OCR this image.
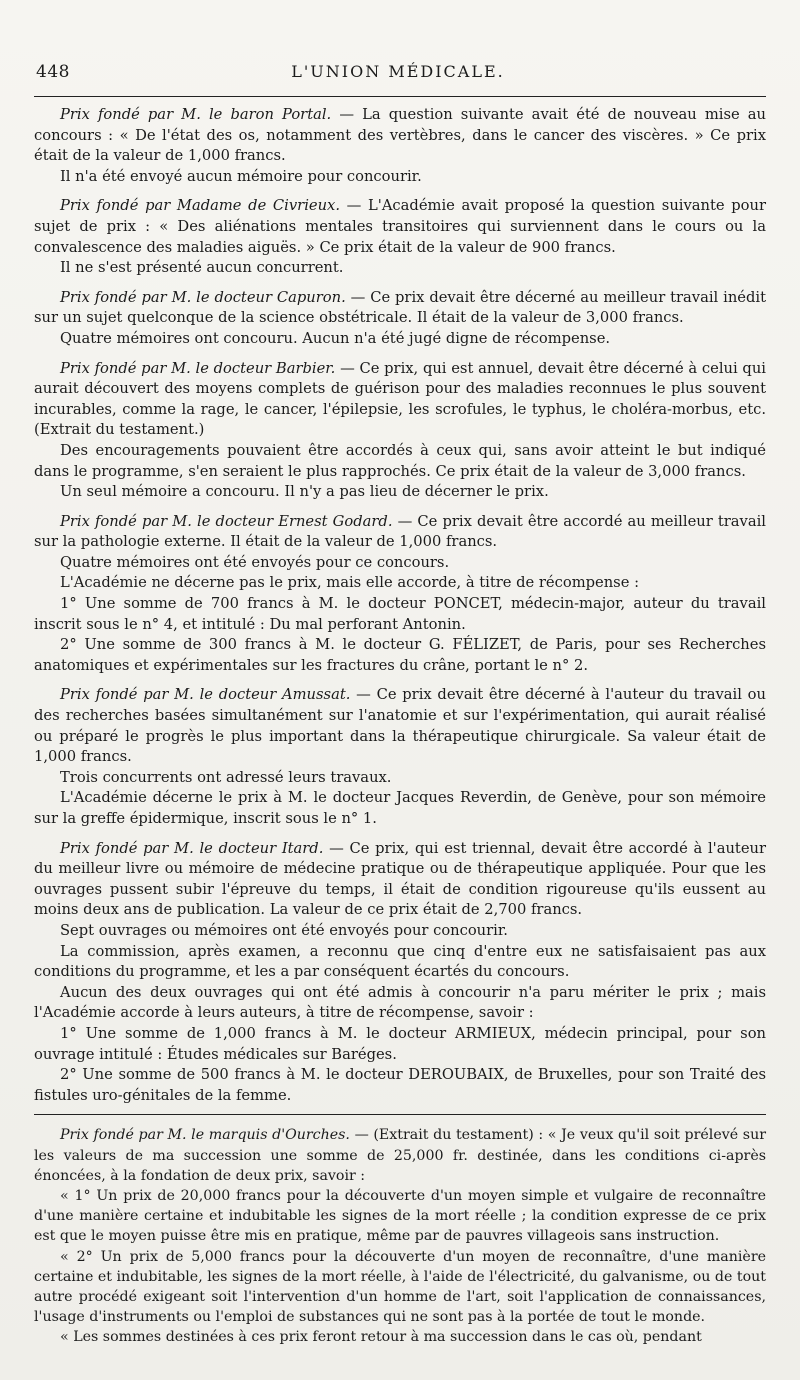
448	L'UNION MÉDICALE.

Prix fondé par M. le baron Portal. — La question suivante avait été de nouveau mise au concours : « De l'état des os, notamment des vertèbres, dans le cancer des viscères. » Ce prix était de la valeur de 1,000 francs.

Il n'a été envoyé aucun mémoire pour concourir.

Prix fondé par Madame de Civrieux. — L'Académie avait proposé la question suivante pour sujet de prix : « Des aliénations mentales transitoires qui surviennent dans le cours ou la convalescence des maladies aiguës. » Ce prix était de la valeur de 900 francs.

Il ne s'est présenté aucun concurrent.

Prix fondé par M. le docteur Capuron. — Ce prix devait être décerné au meilleur travail inédit sur un sujet quelconque de la science obstétricale. Il était de la valeur de 3,000 francs.

Quatre mémoires ont concouru. Aucun n'a été jugé digne de récompense.

Prix fondé par M. le docteur Barbier. — Ce prix, qui est annuel, devait être décerné à celui qui aurait découvert des moyens complets de guérison pour des maladies reconnues le plus souvent incurables, comme la rage, le cancer, l'épilepsie, les scrofules, le typhus, le choléra-morbus, etc. (Extrait du testament.)

Des encouragements pouvaient être accordés à ceux qui, sans avoir atteint le but indiqué dans le programme, s'en seraient le plus rapprochés. Ce prix était de la valeur de 3,000 francs.

Un seul mémoire a concouru. Il n'y a pas lieu de décerner le prix.

Prix fondé par M. le docteur Ernest Godard. — Ce prix devait être accordé au meilleur travail sur la pathologie externe. Il était de la valeur de 1,000 francs.

Quatre mémoires ont été envoyés pour ce concours.

L'Académie ne décerne pas le prix, mais elle accorde, à titre de récompense :

1° Une somme de 700 francs à M. le docteur PONCET, médecin-major, auteur du travail inscrit sous le n° 4, et intitulé : Du mal perforant Antonin.

2° Une somme de 300 francs à M. le docteur G. FÉLIZET, de Paris, pour ses Recherches anatomiques et expérimentales sur les fractures du crâne, portant le n° 2.

Prix fondé par M. le docteur Amussat. — Ce prix devait être décerné à l'auteur du travail ou des recherches basées simultanément sur l'anatomie et sur l'expérimentation, qui aurait réalisé ou préparé le progrès le plus important dans la thérapeutique chirurgicale. Sa valeur était de 1,000 francs.

Trois concurrents ont adressé leurs travaux.

L'Académie décerne le prix à M. le docteur Jacques Reverdin, de Genève, pour son mémoire sur la greffe épidermique, inscrit sous le n° 1.

Prix fondé par M. le docteur Itard. — Ce prix, qui est triennal, devait être accordé à l'auteur du meilleur livre ou mémoire de médecine pratique ou de thérapeutique appliquée. Pour que les ouvrages pussent subir l'épreuve du temps, il était de condition rigoureuse qu'ils eussent au moins deux ans de publication. La valeur de ce prix était de 2,700 francs.

Sept ouvrages ou mémoires ont été envoyés pour concourir.

La commission, après examen, a reconnu que cinq d'entre eux ne satisfaisaient pas aux conditions du programme, et les a par conséquent écartés du concours.

Aucun des deux ouvrages qui ont été admis à concourir n'a paru mériter le prix ; mais l'Académie accorde à leurs auteurs, à titre de récompense, savoir :

1° Une somme de 1,000 francs à M. le docteur ARMIEUX, médecin principal, pour son ouvrage intitulé : Études médicales sur Baréges.

2° Une somme de 500 francs à M. le docteur DEROUBAIX, de Bruxelles, pour son Traité des fistules uro-génitales de la femme.

Prix fondé par M. le marquis d'Ourches. — (Extrait du testament) : « Je veux qu'il soit prélevé sur les valeurs de ma succession une somme de 25,000 fr. destinée, dans les conditions ci-après énoncées, à la fondation de deux prix, savoir :

« 1° Un prix de 20,000 francs pour la découverte d'un moyen simple et vulgaire de reconnaître d'une manière certaine et indubitable les signes de la mort réelle ; la condition expresse de ce prix est que le moyen puisse être mis en pratique, même par de pauvres villageois sans instruction.

« 2° Un prix de 5,000 francs pour la découverte d'un moyen de reconnaître, d'une manière certaine et indubitable, les signes de la mort réelle, à l'aide de l'électricité, du galvanisme, ou de tout autre procédé exigeant soit l'intervention d'un homme de l'art, soit l'application de connaissances, l'usage d'instruments ou l'emploi de substances qui ne sont pas à la portée de tout le monde.

« Les sommes destinées à ces prix feront retour à ma succession dans le cas où, pendant
